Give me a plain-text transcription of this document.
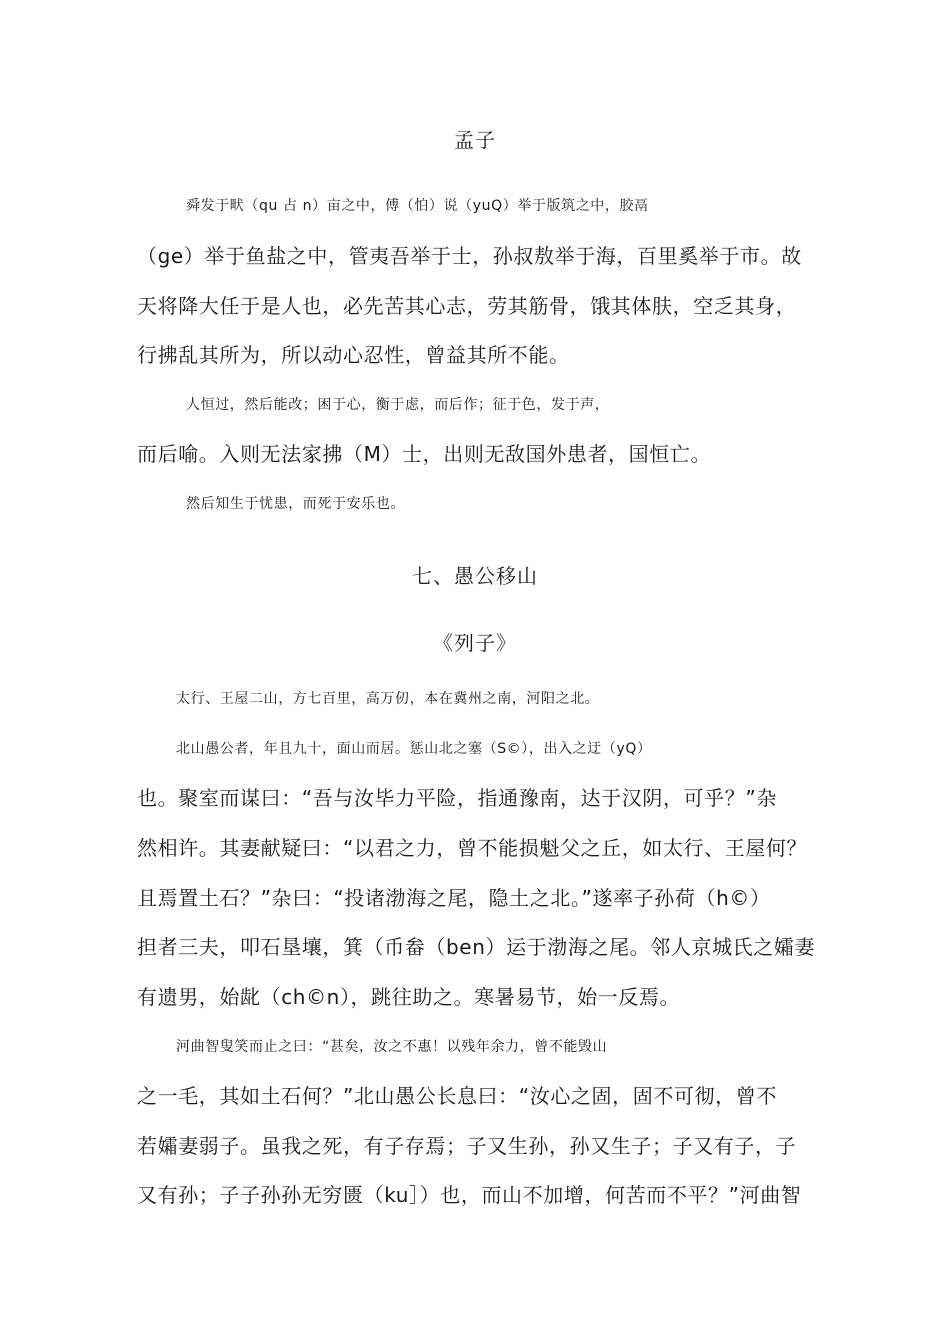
孟子
舜发于畎（qu 占 n）亩之中，傅（怕）说（yuQ）举于版筑之中，胶鬲
（ge）举于鱼盐之中，管夷吾举于士，孙叔敖举于海，百里奚举于市。故
天将降大任于是人也，必先苦其心志，劳其筋骨，饿其体肤，空乏其身，
行拂乱其所为，所以动心忍性，曾益其所不能。
人恒过，然后能改；困于心，衡于虑，而后作；征于色，发于声，
而后喻。入则无法家拂（M）士，出则无敌国外患者，国恒亡。
然后知生于忧患，而死于安乐也。
七、愚公移山
《列子》
太行、王屋二山，方七百里，高万仞，本在冀州之南，河阳之北。
北山愚公者，年且九十，面山而居。惩山北之塞（S©），出入之迂（yQ）
也。聚室而谋曰：“吾与汝毕力平险，指通豫南，达于汉阴，可乎？”杂
然相许。其妻献疑曰：“以君之力，曾不能损魁父之丘，如太行、王屋何？
且焉置土石？”杂曰：“投诸渤海之尾，隐土之北。”遂率子孙荷（h©）
担者三夫，叩石垦壤，箕（币畚（ben）运于渤海之尾。邻人京城氏之孀妻
有遗男，始龀（ch©n），跳往助之。寒暑易节，始一反焉。
河曲智叟笑而止之曰：“甚矣，汝之不惠！以残年余力，曾不能毁山
之一毛，其如土石何？”北山愚公长息曰：“汝心之固，固不可彻，曾不
若孀妻弱子。虽我之死，有子存焉；子又生孙，孙又生子；子又有子，子
又有孙；子子孙孙无穷匮（ku］）也，而山不加增，何苦而不平？”河曲智
